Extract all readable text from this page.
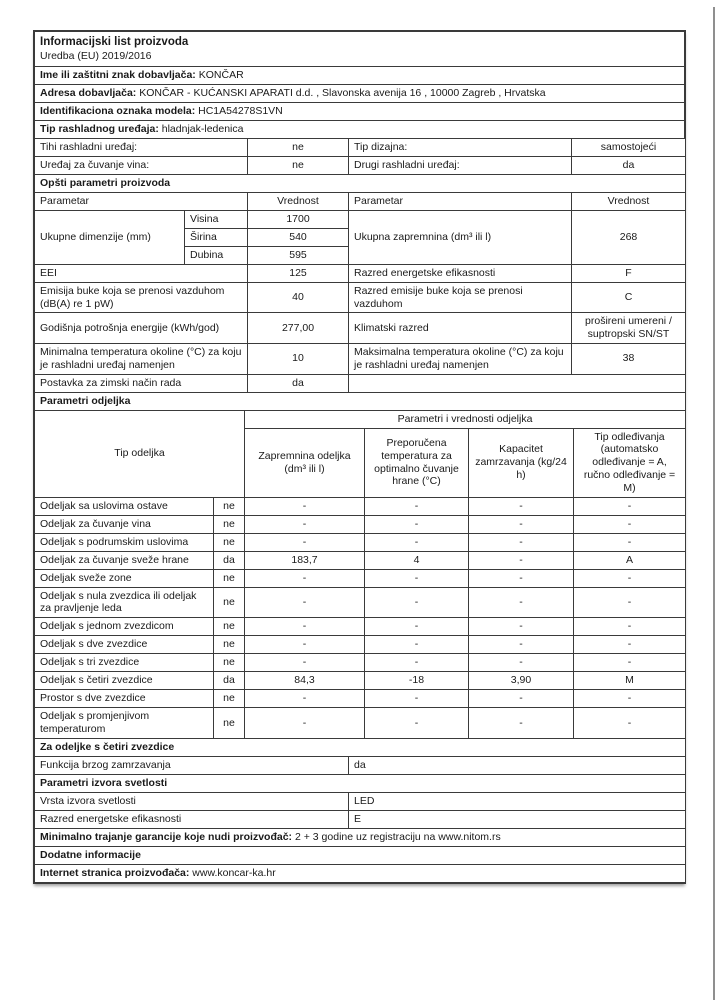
Informacijski list proizvoda
Uredba (EU) 2019/2016

Ime ili zaštitni znak dobavljača: KONČAR
Adresa dobavljača: KONČAR - KUĆANSKI APARATI d.d. , Slavonska avenija 16 , 10000 Zagreb , Hrvatska
Identifikaciona oznaka modela: HC1A54278S1VN
Tip rashladnog uređaja: hladnjak-ledenica
Tihi rashladni uređaj:		ne	Tip dizajna:	samostojeći
Uređaj za čuvanje vina:		ne	Drugi rashladni uređaj:	da
Opšti parametri proizvoda				
Parametar		Vrednost	Parametar	Vrednost
Ukupne dimenzije (mm)	Visina	1700	Ukupna zapremnina (dm³ ili l)	268
	Širina	540		
	Dubina	595		
EEI		125	Razred energetske efikasnosti	F
Emisija buke koja se prenosi vazduhom (dB(A) re 1 pW)		40	Razred emisije buke koja se prenosi vazduhom	C
Godišnja potrošnja energije (kWh/god)		277,00	Klimatski razred	prošireni umereni / suptropski SN/ST
Minimalna temperatura okoline (°C) za koju je rashladni uređaj namenjen		10	Maksimalna temperatura okoline (°C) za koju je rashladni uređaj namenjen	38
Postavka za zimski način rada		da		
Parametri odjeljka					
Tip odeljka		Parametri i vrednosti odjeljka			
		Zapremnina odeljka (dm³ ili l)	Preporučena temperatura za optimalno čuvanje hrane (°C)	Kapacitet zamrzavanja (kg/24 h)	Tip odleđivanja (automatsko odleđivanje = A, ručno odleđivanje = M)
Odeljak sa uslovima ostave	ne	-	-	-	-
Odeljak za čuvanje vina	ne	-	-	-	-
Odeljak s podrumskim uslovima	ne	-	-	-	-
Odeljak za čuvanje sveže hrane	da	183,7	4	-	A
Odeljak sveže zone	ne	-	-	-	-
Odeljak s nula zvezdica ili odeljak za pravljenje leda	ne	-	-	-	-
Odeljak s jednom zvezdicom	ne	-	-	-	-
Odeljak s dve zvezdice	ne	-	-	-	-
Odeljak s tri zvezdice	ne	-	-	-	-
Odeljak s četiri zvezdice	da	84,3	-18	3,90	M
Prostor s dve zvezdice	ne	-	-	-	-
Odeljak s promjenjivom temperaturom	ne	-	-	-	-
Za odeljke s četiri zvezdice	
Funkcija brzog zamrzavanja	da
Parametri izvora svetlosti	
Vrsta izvora svetlosti	LED
Razred energetske efikasnosti	E
Minimalno trajanje garancije koje nudi proizvođač: 2 + 3 godine uz registraciju na www.nitom.rs	
Dodatne informacije	
Internet stranica proizvođača: www.koncar-ka.hr	
